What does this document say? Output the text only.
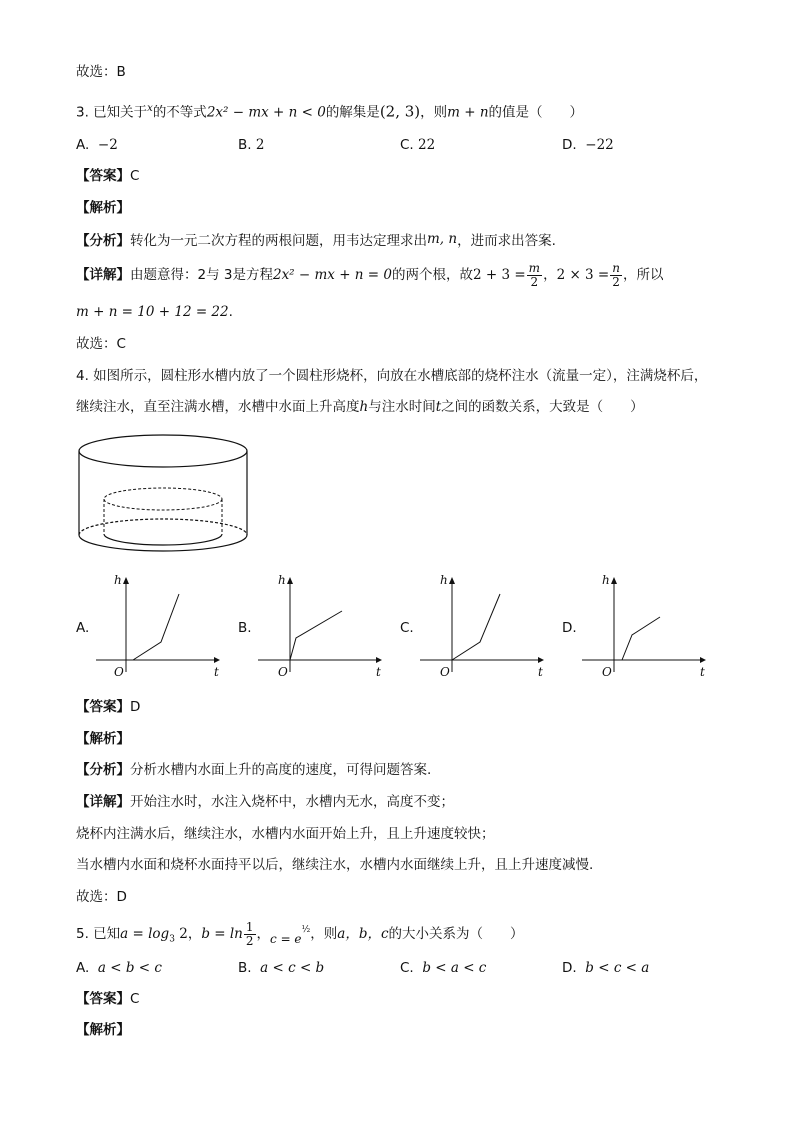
故选：B
3. 已知关于$^x$的不等式2x² − mx + n < 0的解集是(2, 3)，则m + n的值是（　　）
A. −2	B. 2	C. 22	D. −22
【答案】C
【解析】
【分析】转化为一元二次方程的两根问题，用韦达定理求出m, n，进而求出答案.
【详解】由题意得：2与 3是方程2x² − mx + n = 0的两个根，故$2 + 3 = \frac{m}{2}$ ，$2 \times 3 = \frac{n}{2}$ ，所以
m + n = 10 + 12 = 22.
故选：C
4. 如图所示，圆柱形水槽内放了一个圆柱形烧杯，向放在水槽底部的烧杯注水（流量一定），注满烧杯后，
继续注水，直至注满水槽，水槽中水面上升高度h与注水时间t之间的函数关系，大致是（　　）
A.
h
t
O
B.
h
t
O
C.
h
t
O
D.
h
t
O
【答案】D
【解析】
【分析】分析水槽内水面上升的高度的速度，可得问题答案.
【详解】开始注水时，水注入烧杯中，水槽内无水，高度不变；
烧杯内注满水后，继续注水，水槽内水面开始上升，且上升速度较快；
当水槽内水面和烧杯水面持平以后，继续注水，水槽内水面继续上升，且上升速度减慢.
故选：D
5. 已知$a = \log_3 2$，$b = \ln \frac{1}{2}$ ，$c = e^{\frac{1}{2}}$，则a，b，c的大小关系为（　　）
A. a < b < c	B. a < c < b	C. b < a < c	D. b < c < a
【答案】C
【解析】
